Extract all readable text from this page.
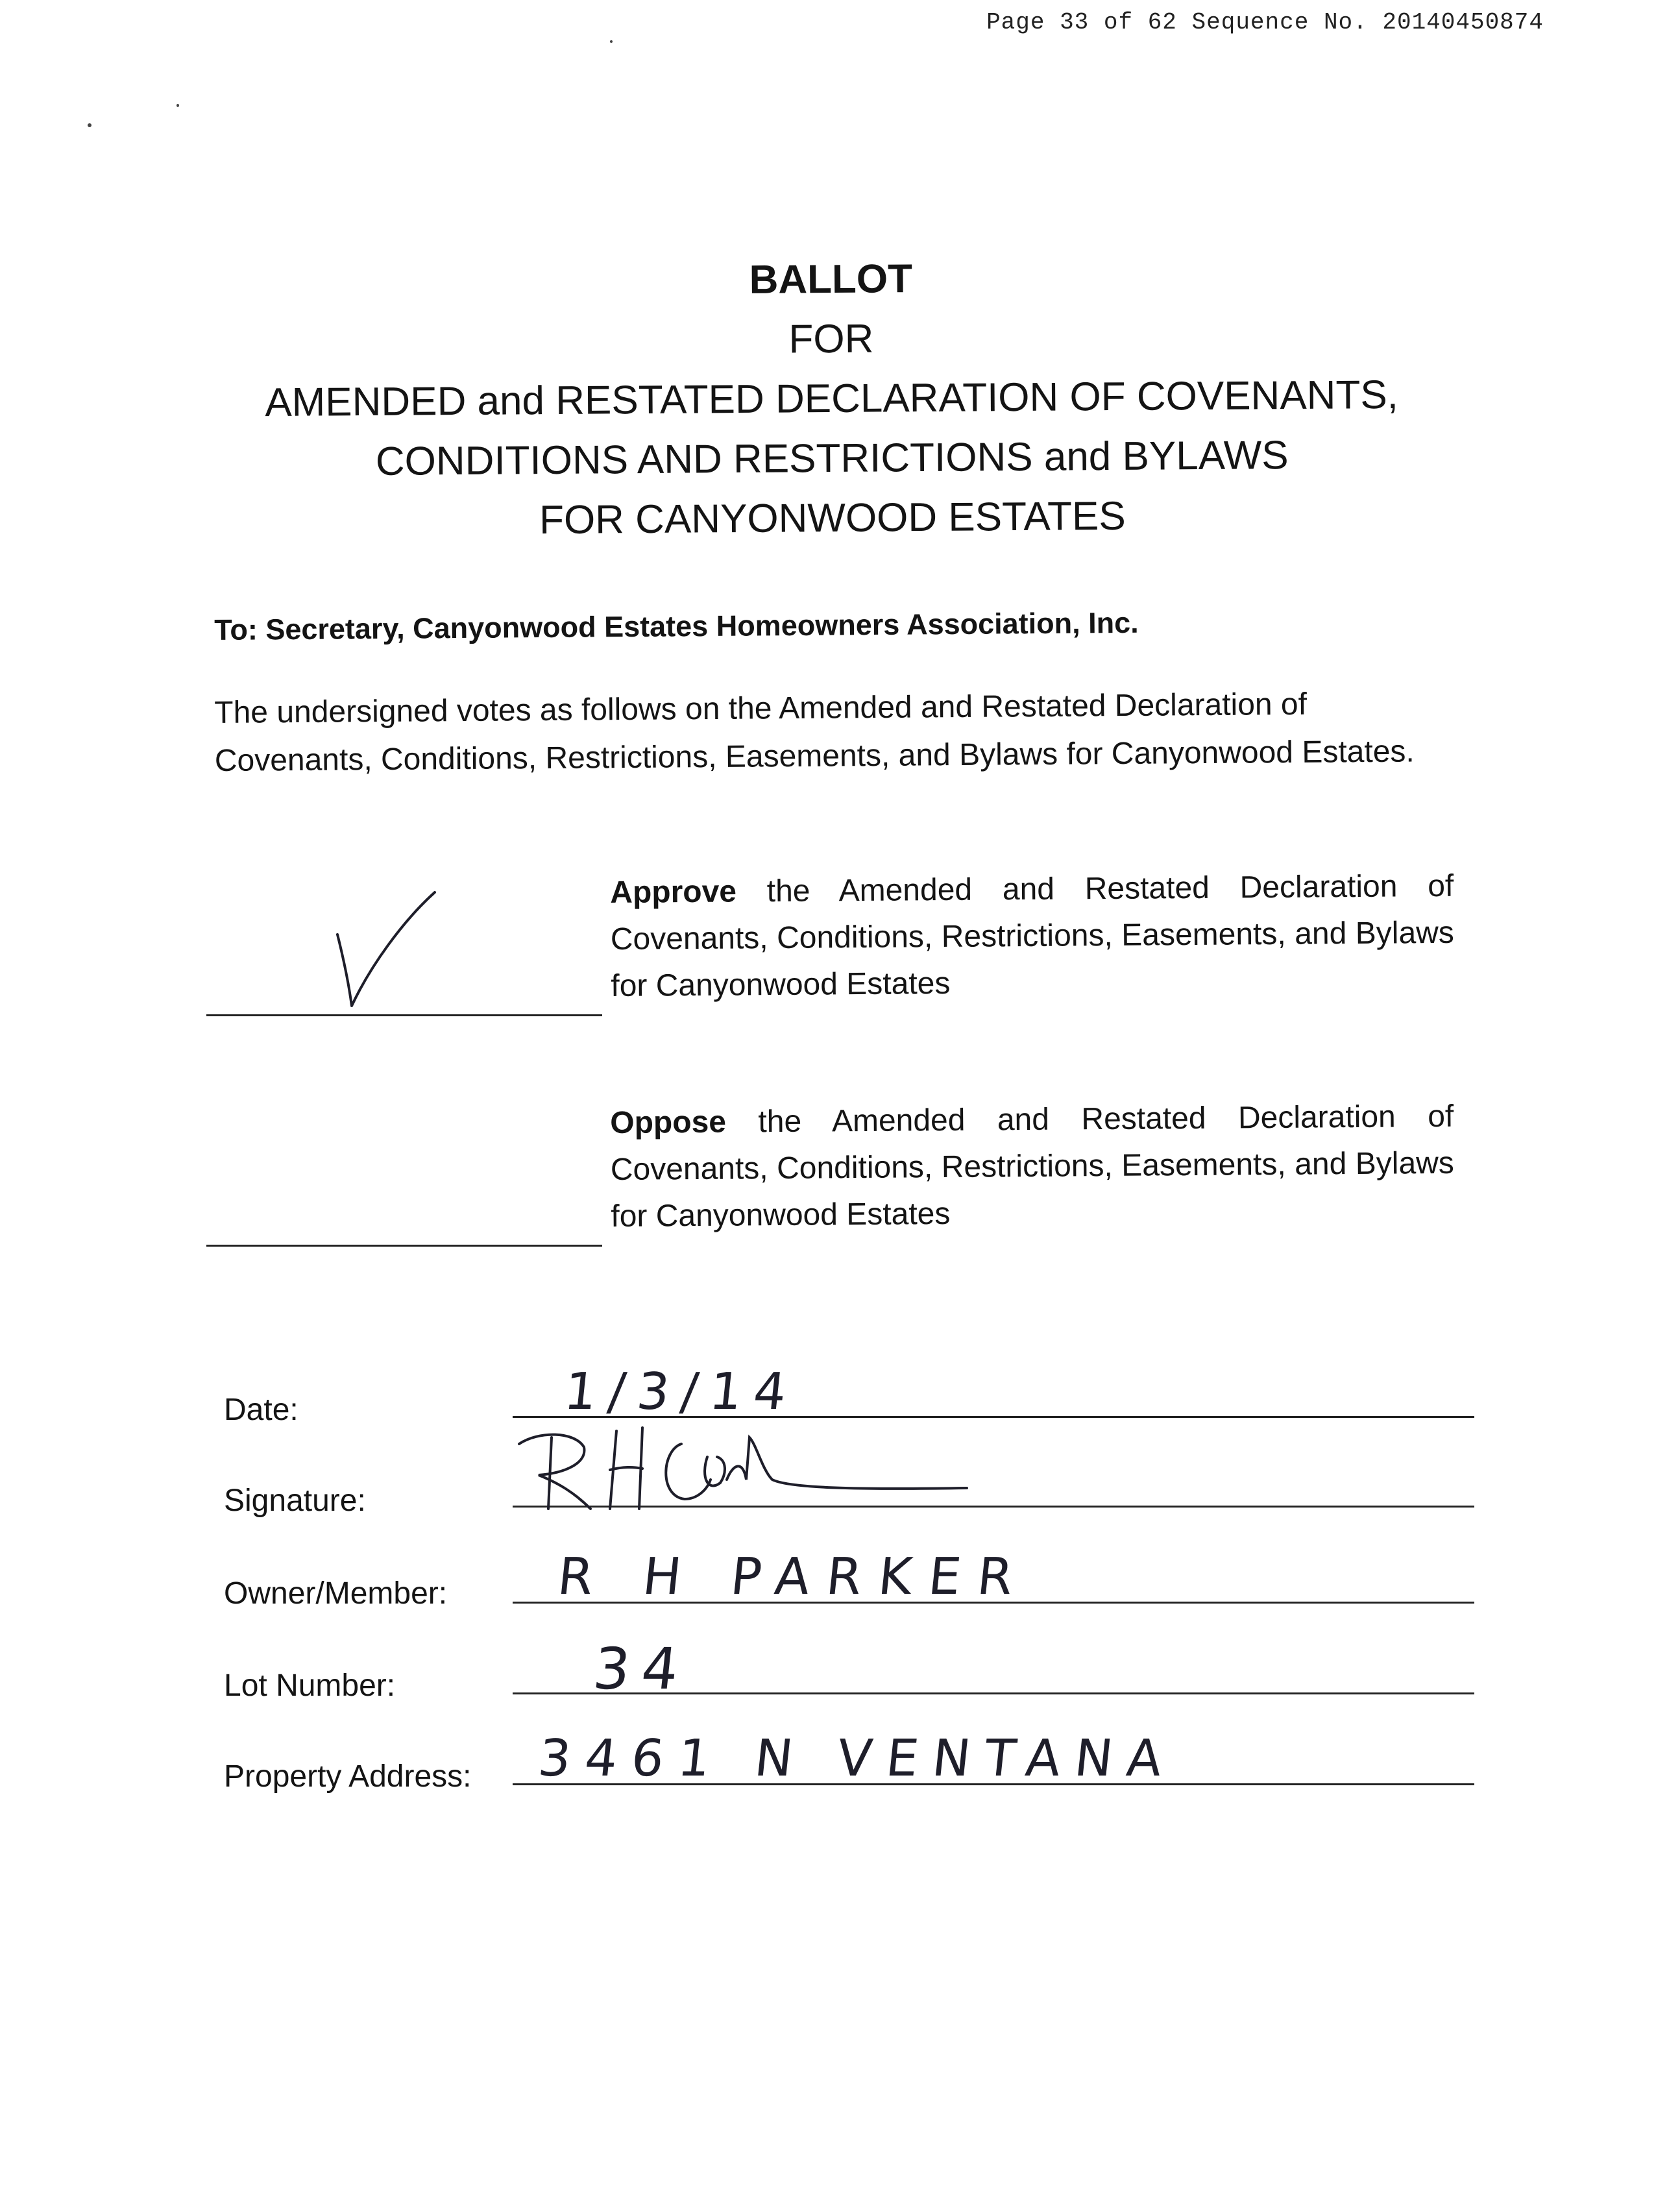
Page 33 of 62 Sequence No. 20140450874
BALLOT
FOR
AMENDED and RESTATED DECLARATION OF COVENANTS,
CONDITIONS AND RESTRICTIONS and BYLAWS
FOR CANYONWOOD ESTATES
To: Secretary, Canyonwood Estates Homeowners Association, Inc.
The undersigned votes as follows on the Amended and Restated Declaration of Covenants, Conditions, Restrictions, Easements, and Bylaws for Canyonwood Estates.
Approve the Amended and Restated Declaration of Covenants, Conditions, Restrictions, Easements, and Bylaws for Canyonwood Estates
Oppose the Amended and Restated Declaration of Covenants, Conditions, Restrictions, Easements, and Bylaws for Canyonwood Estates
Date:	1/3/14
Signature:
Owner/Member: R H PARKER
Lot Number:	34
Property Address: 3461 N VENTANA
